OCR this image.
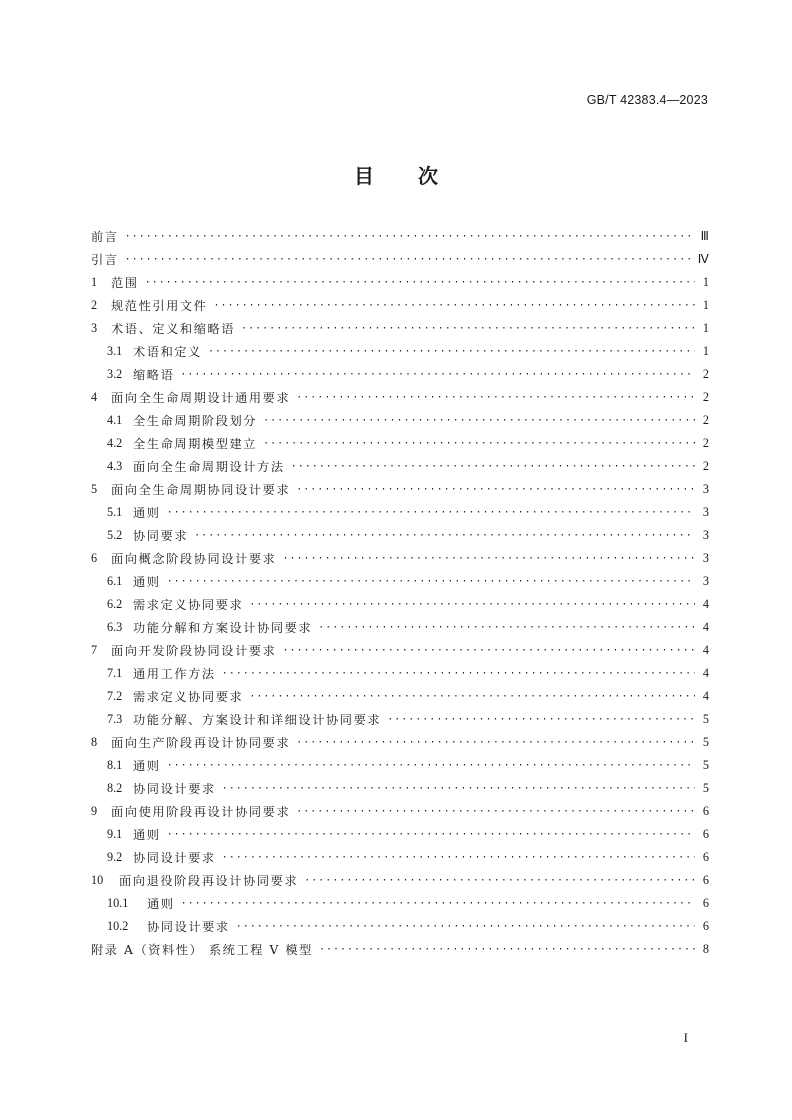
GB/T 42383.4—2023
目 次
前言 ·····	Ⅲ
引言 ·····	Ⅳ
1	范围 ·····	1
2	规范性引用文件 ·····	1
3	术语、定义和缩略语 ·····	1
3.1 术语和定义 ·····	1
3.2 缩略语 ·····	2
4	面向全生命周期设计通用要求 ·····	2
4.1 全生命周期阶段划分 ·····	2
4.2 全生命周期模型建立 ·····	2
4.3 面向全生命周期设计方法 ·····	2
5	面向全生命周期协同设计要求 ·····	3
5.1 通则 ·····	3
5.2 协同要求 ·····	3
6	面向概念阶段协同设计要求 ·····	3
6.1 通则 ·····	3
6.2 需求定义协同要求 ·····	4
6.3 功能分解和方案设计协同要求 ·····	4
7	面向开发阶段协同设计要求 ·····	4
7.1 通用工作方法 ·····	4
7.2 需求定义协同要求 ·····	4
7.3 功能分解、方案设计和详细设计协同要求 ·····	5
8	面向生产阶段再设计协同要求 ·····	5
8.1 通则 ·····	5
8.2 协同设计要求 ·····	5
9	面向使用阶段再设计协同要求 ·····	6
9.1 通则 ·····	6
9.2 协同设计要求 ·····	6
10	面向退役阶段再设计协同要求 ·····	6
10.1	通则 ·····	6
10.2	协同设计要求 ·····	6
附录 A（资料性） 系统工程 V 模型 ·····	8
I
